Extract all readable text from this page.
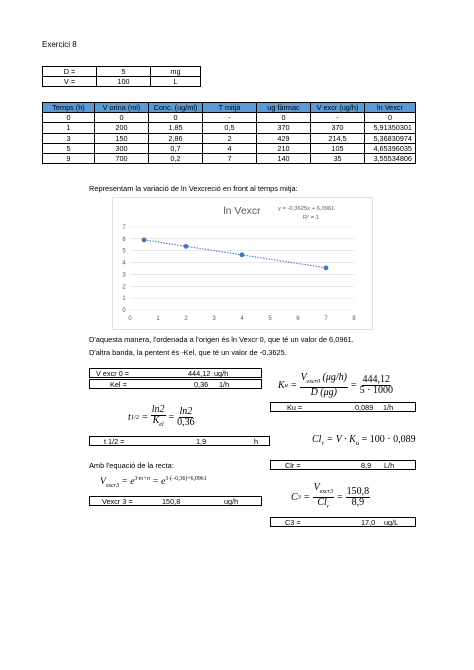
Exercici 8
D =	5	mg
V =	100	L
Temps (h)	V orina (ml)	Conc. (ug/ml)	T mitjà	ug fàrmac	V excr (ug/h)	ln Vexcr
0	0	0	-	0	-	0
1	200	1,85	0,5	370	370	5,91350301
3	150	2,86	2	429	214,5	5,36830974
5	300	0,7	4	210	105	4,65396035
9	700	0,2	7	140	35	3,55534806
Representam la variació de ln Vexcreció en front al temps mitja:
ln Vexcr	y = -0,3625x + 6,0961
R² = 1
0
1
2
3
4
5
6
7
0	1	2	3	4	5	6	7	8
D'aquesta manera, l'ordenada a l'origen és ln Vexcr 0, que té un valor de 6,0961.
D'altra banda, la pentent és -Kel, que té un valor de -0,3625.
V excr 0 =	444,12 ug/h
Kel =	0,36 1/h	K $u = \frac{V_{excr0} (\mu g/h)}{D (\mu g)} = \frac{444,12}{5 \cdot 1000}$
Ku =	0,089 1/h
t $1/2 = \frac{\ln 2}{K_{el}} = \frac{\ln 2}{0,36}$
t 1/2 =	1,9	h	$Cl_r = V \cdot K_u = 100 \cdot 0,089$
Amb l'equació de la recta:	Clr =	8,9 L/h
$V_{excr3} = e^{3\cdot m+n} = e^{3\cdot(-0,36)+6,0961}$
C $3 = \frac{V_{excr3}}{Cl_r} = \frac{150,8}{8,9}$
Vexcr 3 =	150,8	ug/h
C3 =	17,0 ug/L
